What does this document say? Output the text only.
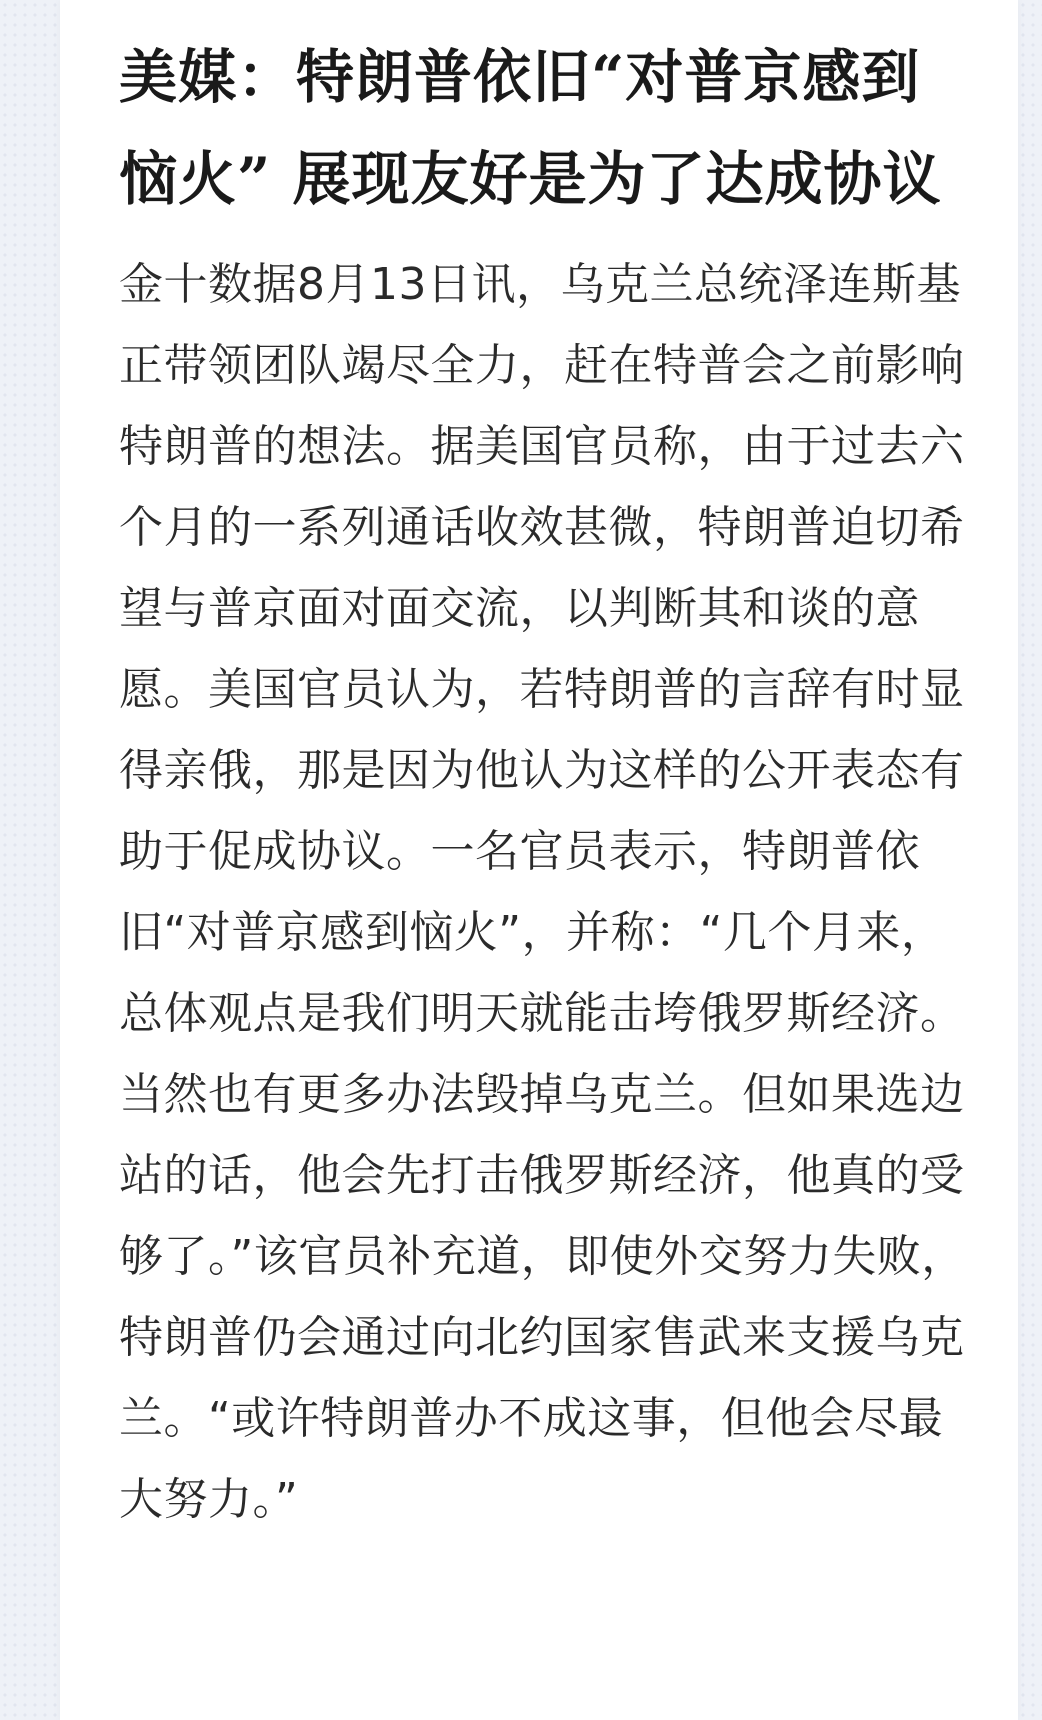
美媒：特朗普依旧“对普京感到恼火” 展现友好是为了达成协议

金十数据8月13日讯，乌克兰总统泽连斯基正带领团队竭尽全力，赶在特普会之前影响特朗普的想法。据美国官员称，由于过去六个月的一系列通话收效甚微，特朗普迫切希望与普京面对面交流，以判断其和谈的意愿。美国官员认为，若特朗普的言辞有时显得亲俄，那是因为他认为这样的公开表态有助于促成协议。一名官员表示，特朗普依旧“对普京感到恼火”，并称：“几个月来，总体观点是我们明天就能击垮俄罗斯经济。当然也有更多办法毁掉乌克兰。但如果选边站的话，他会先打击俄罗斯经济，他真的受够了。”该官员补充道，即使外交努力失败，特朗普仍会通过向北约国家售武来支援乌克兰。“或许特朗普办不成这事，但他会尽最大努力。”
